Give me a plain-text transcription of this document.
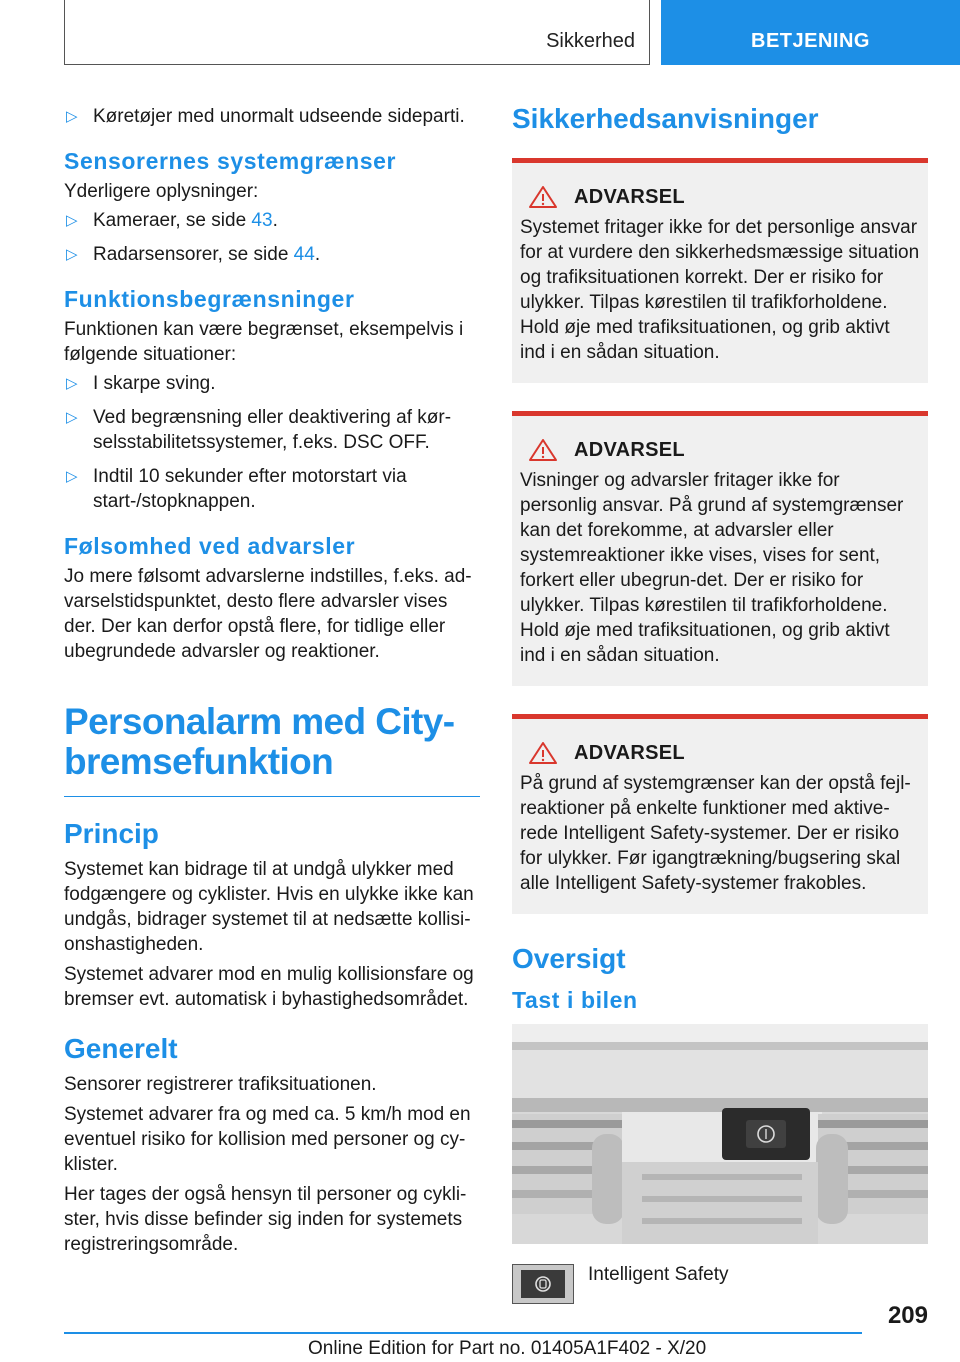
Sikkerhed	BETJENING
▷ Køretøjer med unormalt udseende sideparti.
Sensorernes systemgrænser

Yderligere oplysninger:

▷ Kameraer, se side 43.
▷ Radarsensorer, se side 44.
Funktionsbegrænsninger

Funktionen kan være begrænset, eksempelvis i følgende situationer:

▷ I skarpe sving.
▷ Ved begrænsning eller deaktivering af kør-selsstabilitetssystemer, f.eks. DSC OFF.
▷ Indtil 10 sekunder efter motorstart via start-/stopknappen.
Følsomhed ved advarsler

Jo mere følsomt advarslerne indstilles, f.eks. ad-varselstidspunktet, desto flere advarsler vises der. Der kan derfor opstå flere, for tidlige eller ubegrundede advarsler og reaktioner.

Personalarm med City-bremsefunktion
Princip

Systemet kan bidrage til at undgå ulykker med fodgængere og cyklister. Hvis en ulykke ikke kan undgås, bidrager systemet til at nedsætte kollisi-onshastigheden.

Systemet advarer mod en mulig kollisionsfare og bremser evt. automatisk i byhastighedsområdet.

Generelt

Sensorer registrerer trafiksituationen.

Systemet advarer fra og med ca. 5 km/h mod en eventuel risiko for kollision med personer og cy-klister.

Her tages der også hensyn til personer og cykli-ster, hvis disse befinder sig inden for systemets registreringsområde.

Sikkerhedsanvisninger
ADVARSEL

Systemet fritager ikke for det personlige ansvar for at vurdere den sikkerhedsmæssige situation og trafiksituationen korrekt. Der er risiko for ulykker. Tilpas kørestilen til trafikforholdene. Hold øje med trafiksituationen, og grib aktivt ind i en sådan situation.

ADVARSEL

Visninger og advarsler fritager ikke for personlig ansvar. På grund af systemgrænser kan det forekomme, at advarsler eller systemreaktioner ikke vises, vises for sent, forkert eller ubegrun-det. Der er risiko for ulykker. Tilpas kørestilen til trafikforholdene. Hold øje med trafiksituationen, og grib aktivt ind i en sådan situation.

ADVARSEL

På grund af systemgrænser kan der opstå fejl-reaktioner på enkelte funktioner med aktive-rede Intelligent Safety-systemer. Der er risiko for ulykker. Før igangtrækning/bugsering skal alle Intelligent Safety-systemer frakobles.

Oversigt
Tast i bilen
Intelligent Safety
209
Online Edition for Part no. 01405A1F402 - X/20
